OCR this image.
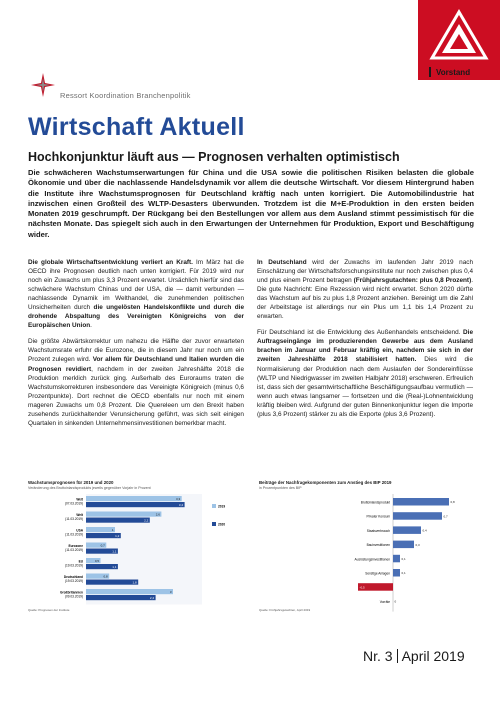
Vorstand
Ressort Koordination Branchenpolitik
Wirtschaft Aktuell
Hochkonjunktur läuft aus — Prognosen verhalten optimistisch
Die schwächeren Wachstumserwartungen für China und die USA sowie die politischen Risiken belasten die globale Ökonomie und über die nachlassende Handelsdynamik vor allem die deutsche Wirtschaft. Vor diesem Hintergrund haben die Institute ihre Wachstumsprognosen für Deutschland kräftig nach unten korrigiert. Die Automobilindustrie hat inzwischen einen Großteil des WLTP-Desasters überwunden. Trotzdem ist die M+E-Produktion in den ersten beiden Monaten 2019 geschrumpft. Der Rückgang bei den Bestellungen vor allem aus dem Ausland stimmt pessimistisch für die nächsten Monate. Das spiegelt sich auch in den Erwartungen der Unternehmen für Produktion, Export und Beschäftigung wider.

Die globale Wirtschaftsentwicklung verliert an Kraft. Im März hat die OECD ihre Prognosen deutlich nach unten korrigiert. Für 2019 wird nur noch ein Zuwachs um plus 3,3 Prozent erwartet. Ursächlich hierfür sind das schwächere Wachstum Chinas und der USA, die — damit verbunden — nachlassende Dynamik im Welthandel, die zunehmenden politischen Unsicherheiten durch die ungelösten Handelskonflikte und durch die drohende Abspaltung des Vereinigten Königreichs von der Europäischen Union.

Die größte Abwärtskorrektur um nahezu die Hälfte der zuvor erwarteten Wachstumsrate erfuhr die Eurozone, die in diesem Jahr nur noch um ein Prozent zulegen wird. Vor allem für Deutschland und Italien wurden die Prognosen revidiert, nachdem in der zweiten Jahreshälfte 2018 die Produktion merklich zurück ging. Außerhalb des Euroraums traten die Wachstumskorrekturen insbesondere das Vereinigte Königreich (minus 0,6 Prozentpunkte). Dort rechnet die OECD ebenfalls nur noch mit einem mageren Zuwachs um 0,8 Prozent. Die Quereleen um den Brexit haben zusehends zurückhaltender Verunsicherung geführt, was sich seit einigen Quartalen in sinkenden Unternehmensinvestitionen bemerkbar macht.

In Deutschland wird der Zuwachs im laufenden Jahr 2019 nach Einschätzung der Wirtschaftsforschungsinstitute nur noch zwischen plus 0,4 und plus einem Prozent betragen (Frühjahrsgutachten: plus 0,8 Prozent). Die gute Nachricht: Eine Rezession wird nicht erwartet. Schon 2020 dürfte das Wachstum auf bis zu plus 1,8 Prozent anziehen. Bereinigt um die Zahl der Arbeitstage ist allerdings nur ein Plus um 1,1 bis 1,4 Prozent zu erwarten.

Für Deutschland ist die Entwicklung des Außenhandels entscheidend. Die Auftragseingänge im produzierenden Gewerbe aus dem Ausland brachen im Januar und Februar kräftig ein, nachdem sie sich in der zweiten Jahreshälfte 2018 stabilisiert hatten. Dies wird die Normalisierung der Produktion nach dem Auslaufen der Sondereinflüsse (WLTP und Niedrigwasser im zweiten Halbjahr 2018) erschweren. Erfreulich ist, dass sich der gesamtwirtschaftliche Beschäftigungsaufbau vermutlich — wenn auch etwas langsamer — fortsetzen und die (Real-)Lohnentwicklung kräftig bleiben wird. Aufgrund der guten Binnenkonjunktur legen die Importe (plus 3,6 Prozent) stärker zu als die Exporte (plus 3,6 Prozent).

Wachstumsprognosen für 2019 und 2020
Veränderung des Bruttoinlandsprodukts jeweils gegenüber Vorjahr in Prozent
Welt
(07.03.2019)
3,3
3,4
Welt
(11.03.2019)
2,6
2,2
USA
(11.03.2019)
1
1,2
Eurozone
(11.03.2019)
0,7
1,1
EU
(19.03.2019)
0,5
1,1
Deutschland
(19.03.2019)
0,8
1,8
Großbritannien
(09.03.2019)
3
2,4
2019
2020
Quelle: Prognosen der Institute
Beiträge der Nachfragekomponenten zum Anstieg des BIP 2019
in Prozentpunkten des BIP
Bruttoinlandsprodukt	0,8
Privater Konsum	0,7
Staatsverbrauch	0,4
Bauinvestitionen	0,3
Ausrüstungsinvestitionen	0,1
Sonstige Anlagen	0,1
-0,5
Vorräte 0
Quelle: Frühjahrsgutachten, April 2019
Nr. 3 April 2019
